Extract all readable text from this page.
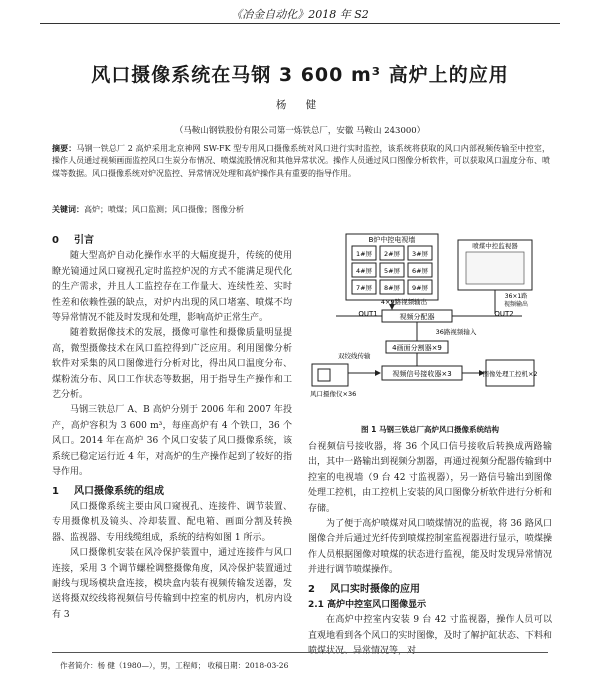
《冶金自动化》2018 年 S2
风口摄像系统在马钢 3 600 m³ 高炉上的应用
杨 健
（马鞍山钢铁股份有限公司第一炼铁总厂，安徽 马鞍山 243000）
摘要：马钢一铁总厂 2 高炉采用北京神网 SW-FK 型专用风口摄像系统对风口进行实时监控，该系统将获取的风口内部视频传输至中控室，操作人员通过视频画面监控风口生炭分布情况、喷煤流股情况和其他异常状况。操作人员通过风口图像分析软件，可以获取风口温度分布、喷煤等数据。风口摄像系统对炉况监控、异常情况处理和高炉操作具有重要的指导作用。
关键词：高炉；喷煤；风口监测；风口摄像；图像分析
0 引言

随大型高炉自动化操作水平的大幅度提升，传统的使用瞭光镜通过风口窥视孔定时监控炉况的方式不能满足现代化的生产需求，并且人工监控存在工作量大、连续性差、实时性差和依赖性强的缺点，对炉内出现的风口堵塞、喷煤不均等异常情况不能及时发现和处理，影响高炉正常生产。

随着数据像技术的发展，摄像可靠性和摄像质量明显提高，微型摄像技术在风口监控得到广泛应用。利用图像分析软件对采集的风口图像进行分析对比，得出风口温度分布、煤粉流分布、风口工作状态等数据，用于指导生产操作和工艺分析。

马钢三铁总厂 A、B 高炉分别于 2006 年和 2007 年投产，高炉容积为 3 600 m³，每座高炉有 4 个铁口，36 个风口。2014 年在高炉 36 个风口安装了风口摄像系统，该系统已稳定运行近 4 年，对高炉的生产操作起到了较好的指导作用。

1 风口摄像系统的组成

风口摄像系统主要由风口窥视孔、连接件、调节装置、专用摄像机及镜头、冷却装置、配电箱、画面分割及转换器、监视器、专用线缆组成，系统的结构如图 1 所示。

风口摄像机安装在风冷保护装置中，通过连接件与风口连接，采用 3 个调节螺栓调整摄像角度，风冷保护装置通过耐线与现场模块盒连接，模块盒内装有视频传输发送器，发送将摄双绞线将视频信号传输到中控室的机房内，机房内设有 3

B炉中控电视墙
1#屏 2#屏 3#屏
4#屏 5#屏 6#屏
7#屏 8#屏 9#屏
OUT1	OUT2
4×9路视频输出
视频分配器
喷煤中控监视器
36×1路
视频输出
36路视频输入
4画面分割器×9
双绞线传输
风口摄像仪×36
视频信号接收器×3	图像处理工控机×2
图 1 马钢三铁总厂高炉风口摄像系统结构

台视频信号接收器，将 36 个风口信号接收后转换成两路输出，其中一路输出到视频分割器，再通过视频分配器传输到中控室的电视墙（9 台 42 寸监视器），另一路信号输出到图像处理工控机，由工控机上安装的风口图像分析软件进行分析和存储。

为了便于高炉喷煤对风口喷煤情况的监视，将 36 路风口图像合并后通过光纤传到喷煤控制室监视器进行显示，喷煤操作人员根据图像对喷煤的状态进行监视，能及时发现异常情况并进行调节喷煤操作。

2 风口实时摄像的应用
2.1 高炉中控室风口图像显示

在高炉中控室内安装 9 台 42 寸监视器，操作人员可以直观地看到各个风口的实时图像，及时了解护缸状态、下料和

作者简介：杨 健（1980—），男，工程师； 收稿日期：2018-03-26
